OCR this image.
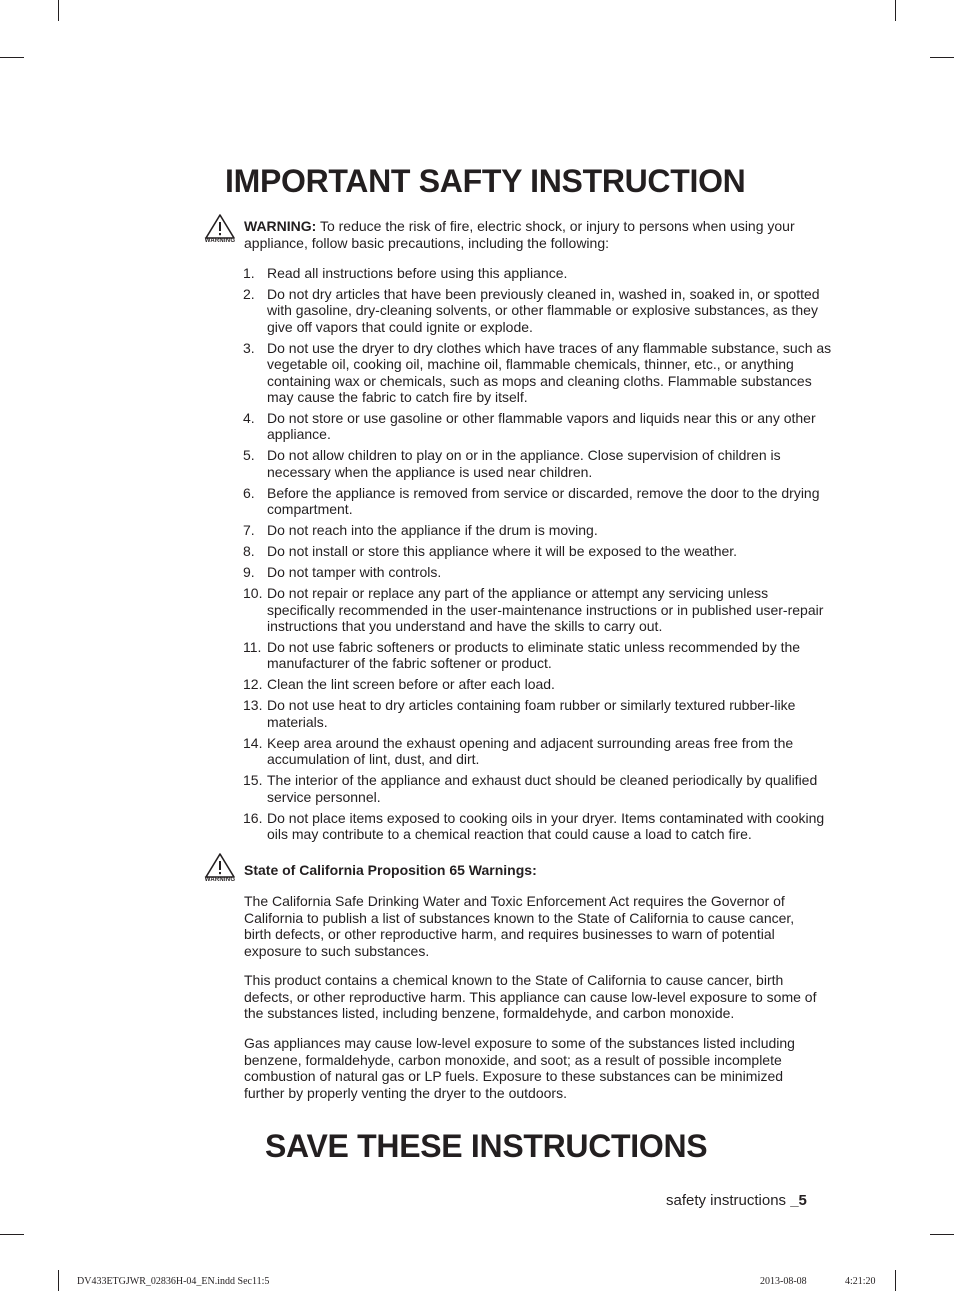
IMPORTANT SAFTY INSTRUCTION
WARNING

WARNING: To reduce the risk of fire, electric shock, or injury to persons when using your appliance, follow basic precautions, including the following:

1. Read all instructions before using this appliance.
2. Do not dry articles that have been previously cleaned in, washed in, soaked in, or spotted with gasoline, dry-cleaning solvents, or other flammable or explosive substances, as they give off vapors that could ignite or explode.
3. Do not use the dryer to dry clothes which have traces of any flammable substance, such as vegetable oil, cooking oil, machine oil, flammable chemicals, thinner, etc., or anything containing wax or chemicals, such as mops and cleaning cloths. Flammable substances may cause the fabric to catch fire by itself.
4. Do not store or use gasoline or other flammable vapors and liquids near this or any other appliance.
5. Do not allow children to play on or in the appliance. Close supervision of children is necessary when the appliance is used near children.
6. Before the appliance is removed from service or discarded, remove the door to the drying compartment.
7. Do not reach into the appliance if the drum is moving.
8. Do not install or store this appliance where it will be exposed to the weather.
9. Do not tamper with controls.
10. Do not repair or replace any part of the appliance or attempt any servicing unless specifically recommended in the user-maintenance instructions or in published user-repair instructions that you understand and have the skills to carry out.
11. Do not use fabric softeners or products to eliminate static unless recommended by the manufacturer of the fabric softener or product.
12. Clean the lint screen before or after each load.
13. Do not use heat to dry articles containing foam rubber or similarly textured rubber-like materials.
14. Keep area around the exhaust opening and adjacent surrounding areas free from the accumulation of lint, dust, and dirt.
15. The interior of the appliance and exhaust duct should be cleaned periodically by qualified service personnel.
16. Do not place items exposed to cooking oils in your dryer. Items contaminated with cooking oils may contribute to a chemical reaction that could cause a load to catch fire.
WARNING
State of California Proposition 65 Warnings:

The California Safe Drinking Water and Toxic Enforcement Act requires the Governor of California to publish a list of substances known to the State of California to cause cancer, birth defects, or other reproductive harm, and requires businesses to warn of potential exposure to such substances.

This product contains a chemical known to the State of California to cause cancer, birth defects, or other reproductive harm. This appliance can cause low-level exposure to some of the substances listed, including benzene, formaldehyde, and carbon monoxide.

Gas appliances may cause low-level exposure to some of the substances listed including benzene, formaldehyde, carbon monoxide, and soot; as a result of possible incomplete combustion of natural gas or LP fuels. Exposure to these substances can be minimized further by properly venting the dryer to the outdoors.

SAVE THESE INSTRUCTIONS
safety instructions _5
DV433ETGJWR_02836H-04_EN.indd Sec11:5	2013-08-08	4:21:20
